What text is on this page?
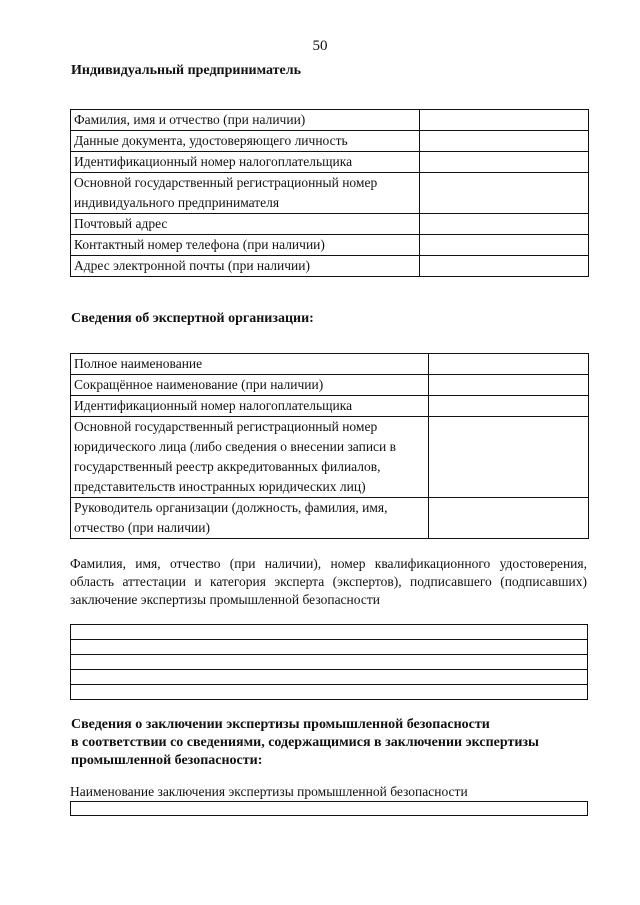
50
Индивидуальный предприниматель
Фамилия, имя и отчество (при наличии)	
Данные документа, удостоверяющего личность	
Идентификационный номер налогоплательщика	
Основной государственный регистрационный номер индивидуального предпринимателя	
Почтовый адрес	
Контактный номер телефона (при наличии)	
Адрес электронной почты (при наличии)	
Сведения об экспертной организации:
Полное наименование	
Сокращённое наименование (при наличии)	
Идентификационный номер налогоплательщика	
Основной государственный регистрационный номер юридического лица (либо сведения о внесении записи в государственный реестр аккредитованных филиалов, представительств иностранных юридических лиц)	
Руководитель организации (должность, фамилия, имя, отчество (при наличии)	

Фамилия, имя, отчество (при наличии), номер квалификационного удостоверения, область аттестации и категория эксперта (экспертов), подписавшего (подписавших) заключение экспертизы промышленной безопасности

Сведения о заключении экспертизы промышленной безопасности
в соответствии со сведениями, содержащимися в заключении экспертизы
промышленной безопасности:
Наименование заключения экспертизы промышленной безопасности
